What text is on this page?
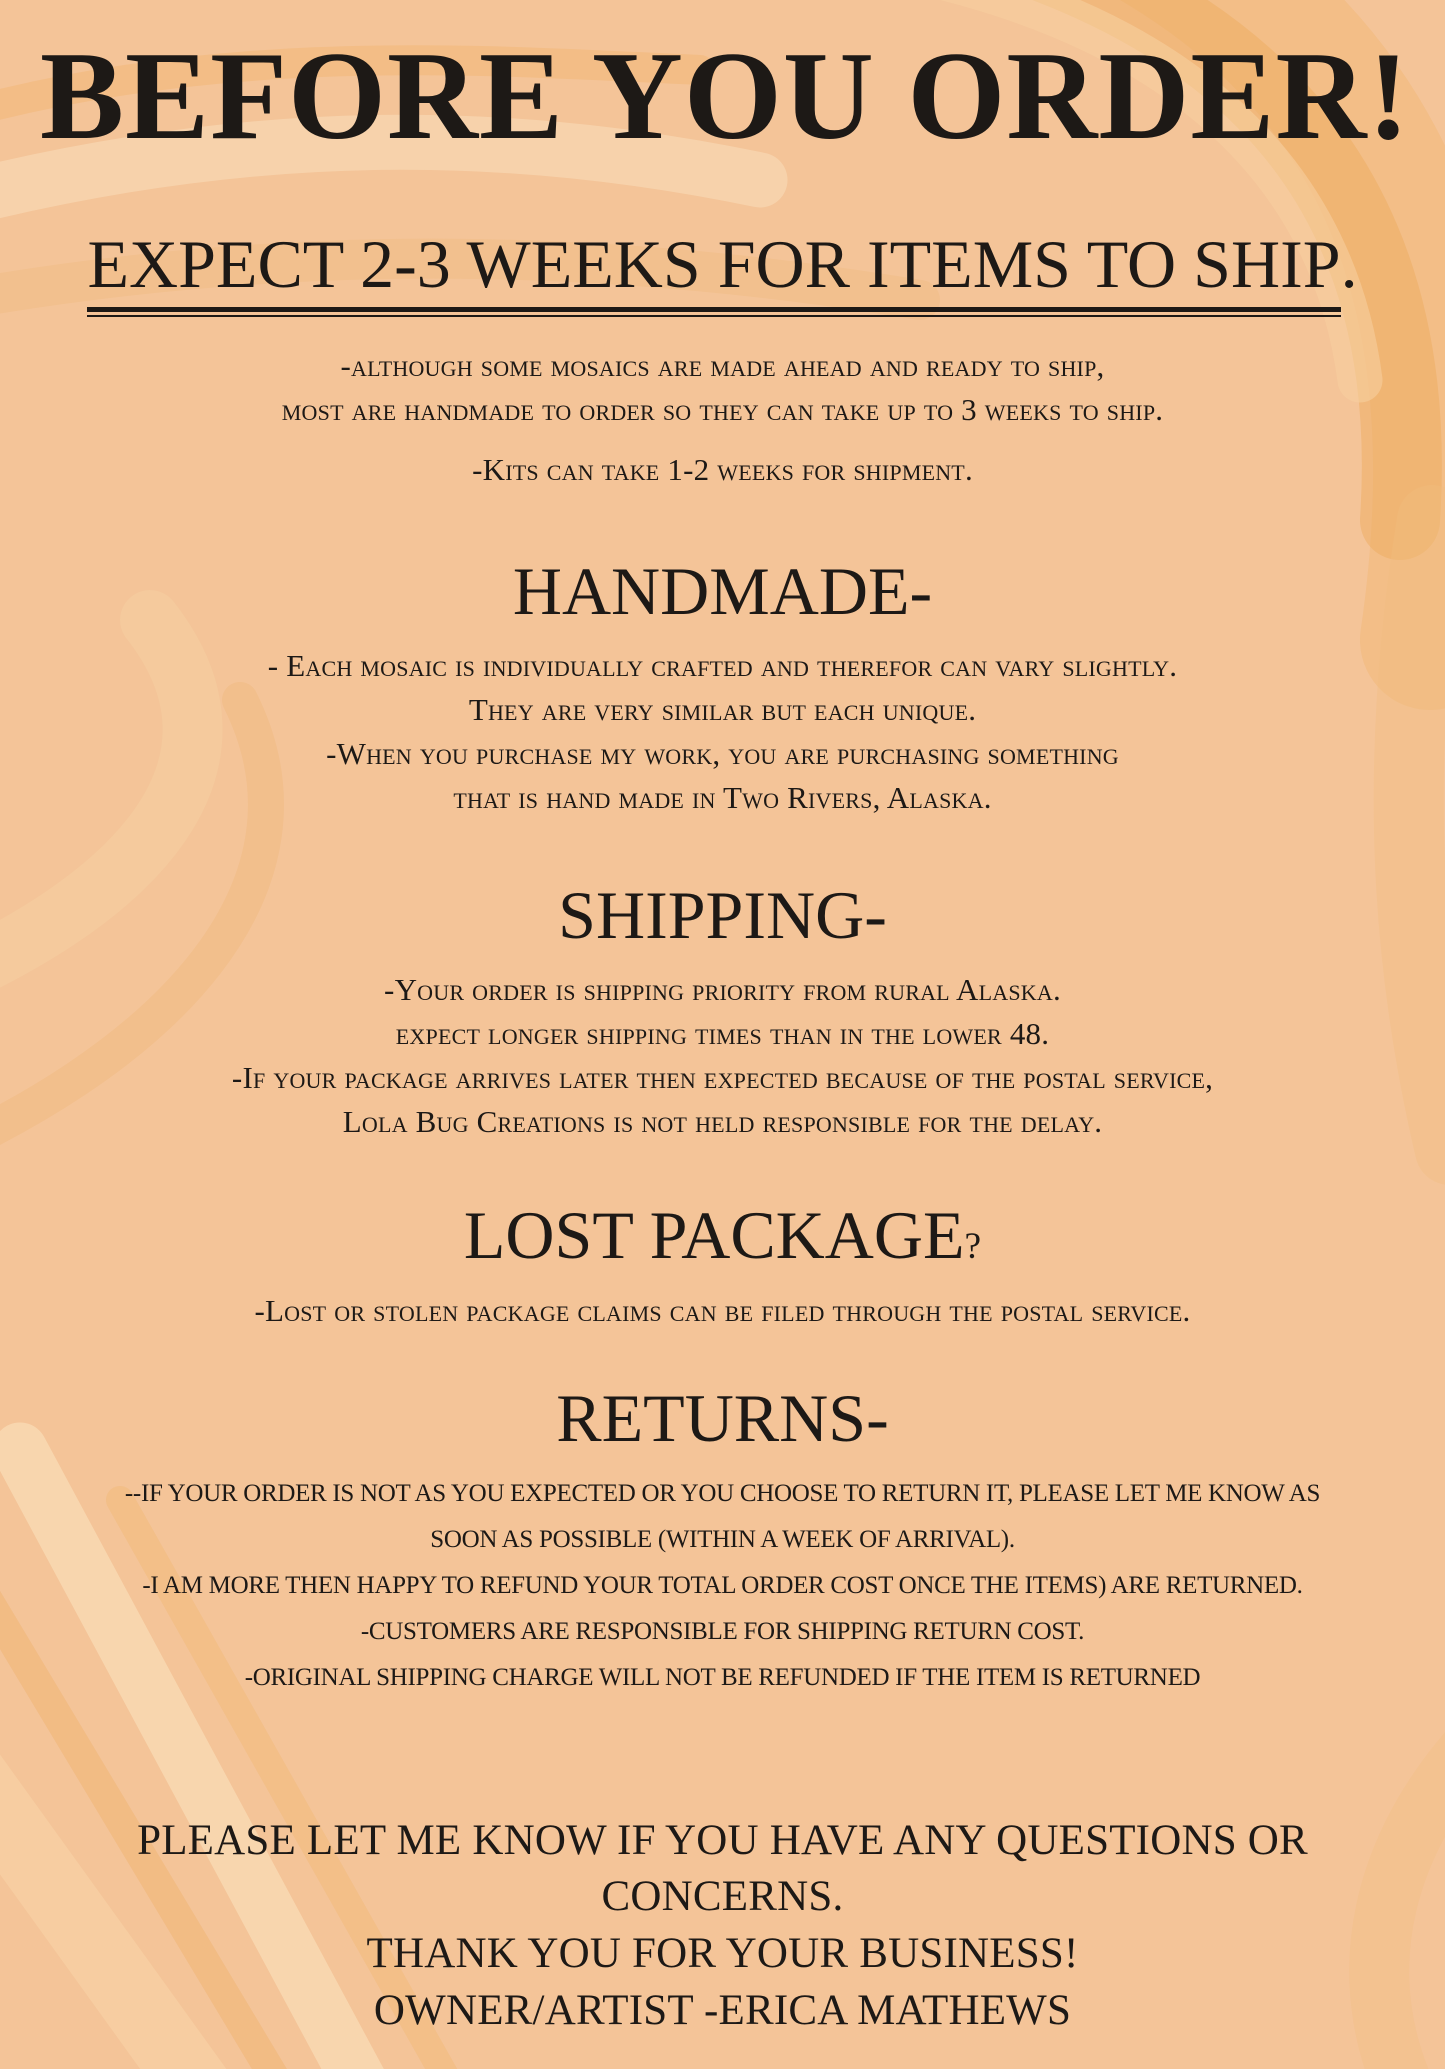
BEFORE YOU ORDER!
EXPECT 2-3 WEEKS FOR ITEMS TO SHIP.

-although some mosaics are made ahead and ready to ship,

most are handmade to order so they can take up to 3 weeks to ship.

-Kits can take 1-2 weeks for shipment.

HANDMADE-

- Each mosaic is individually crafted and therefor can vary slightly.

They are very similar but each unique.

-When you purchase my work, you are purchasing something

that is hand made in Two Rivers, Alaska.

SHIPPING-

-Your order is shipping priority from rural Alaska.

expect longer shipping times than in the lower 48.

-If your package arrives later then expected because of the postal service,

Lola Bug Creations is not held responsible for the delay.

LOST PACKAGE?

-Lost or stolen package claims can be filed through the postal service.

RETURNS-

--IF YOUR ORDER IS NOT AS YOU EXPECTED OR YOU CHOOSE TO RETURN IT, PLEASE LET ME KNOW AS

SOON AS POSSIBLE (WITHIN A WEEK OF ARRIVAL).

-I AM MORE THEN HAPPY TO REFUND YOUR TOTAL ORDER COST ONCE THE ITEMS) ARE RETURNED.

-CUSTOMERS ARE RESPONSIBLE FOR SHIPPING RETURN COST.

-ORIGINAL SHIPPING CHARGE WILL NOT BE REFUNDED IF THE ITEM IS RETURNED

PLEASE LET ME KNOW IF YOU HAVE ANY QUESTIONS OR

CONCERNS.

THANK YOU FOR YOUR BUSINESS!

OWNER/ARTIST -ERICA MATHEWS
